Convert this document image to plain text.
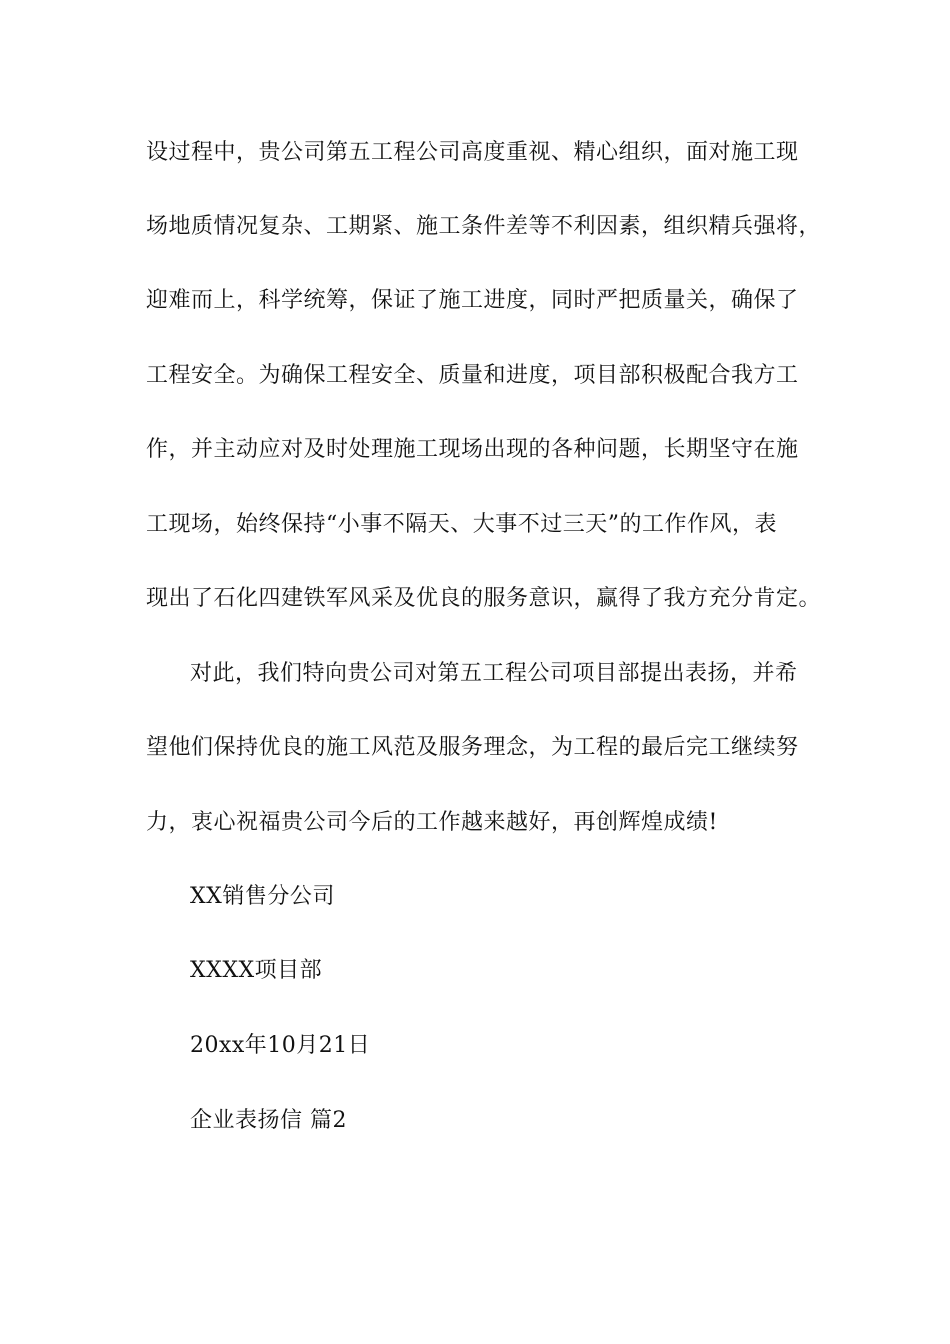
设过程中，贵公司第五工程公司高度重视、精心组织，面对施工现
场地质情况复杂、工期紧、施工条件差等不利因素，组织精兵强将，
迎难而上，科学统筹，保证了施工进度，同时严把质量关，确保了
工程安全。为确保工程安全、质量和进度，项目部积极配合我方工
作，并主动应对及时处理施工现场出现的各种问题，长期坚守在施
工现场，始终保持“小事不隔天、大事不过三天”的工作作风，表
现出了石化四建铁军风采及优良的服务意识，赢得了我方充分肯定。
对此，我们特向贵公司对第五工程公司项目部提出表扬，并希
望他们保持优良的施工风范及服务理念，为工程的最后完工继续努
力，衷心祝福贵公司今后的工作越来越好，再创辉煌成绩!
XX销售分公司
XXXX项目部
20xx年10月21日
企业表扬信 篇2
